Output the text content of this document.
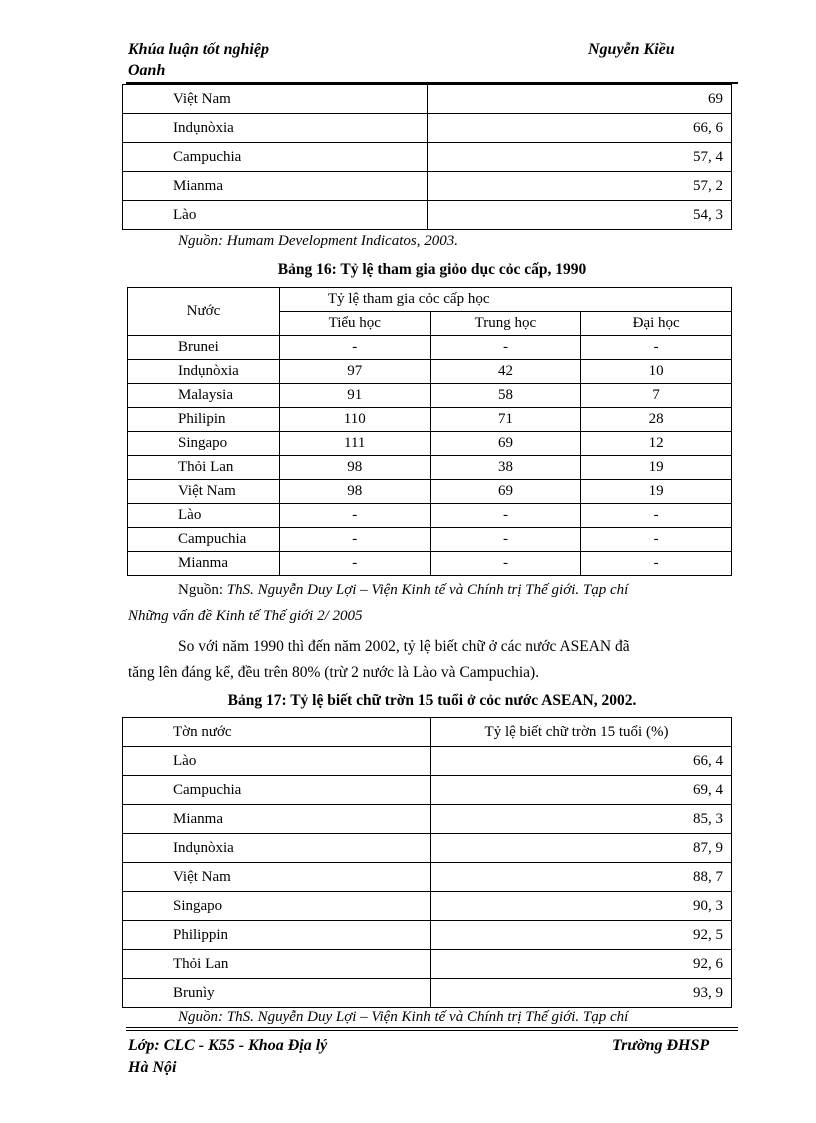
Khúa luận tốt nghiệp
Oanh
Nguyễn Kiều
Việt Nam	69
Indụnòxia	66, 6
Campuchia	57, 4
Mianma	57, 2
Lào	54, 3
Nguồn: Humam Development Indicatos, 2003.
Bảng 16: Tỷ lệ tham gia giỏo dục cỏc cấp, 1990
Nước	Tỷ lệ tham gia cỏc cấp học		
	Tiểu học	Trung học	Đại học
Brunei	-	-	-
Indụnòxia	97	42	10
Malaysia	91	58	7
Philipin	110	71	28
Singapo	111	69	12
Thỏi Lan	98	38	19
Việt Nam	98	69	19
Lào	-	-	-
Campuchia	-	-	-
Mianma	-	-	-
Nguồn: ThS. Nguyễn Duy Lợi – Viện Kinh tế và Chính trị Thế giới. Tạp chí
Những vấn đề Kinh tế Thế giới 2/ 2005
So với năm 1990 thì đến năm 2002, tỷ lệ biết chữ ở các nước ASEAN đã
tăng lên đáng kể, đều trên 80% (trừ 2 nước là Lào và Campuchia).
Bảng 17: Tỷ lệ biết chữ trờn 15 tuổi ở cỏc nước ASEAN, 2002.
Tờn nước	Tỷ lệ biết chữ trờn 15 tuổi (%)
Lào	66, 4
Campuchia	69, 4
Mianma	85, 3
Indụnòxia	87, 9
Việt Nam	88, 7
Singapo	90, 3
Philippin	92, 5
Thỏi Lan	92, 6
Brunìy	93, 9
Nguồn: ThS. Nguyễn Duy Lợi – Viện Kinh tế và Chính trị Thế giới. Tạp chí
Lớp: CLC - K55 - Khoa Địa lý
Hà Nội
Trường ĐHSP
